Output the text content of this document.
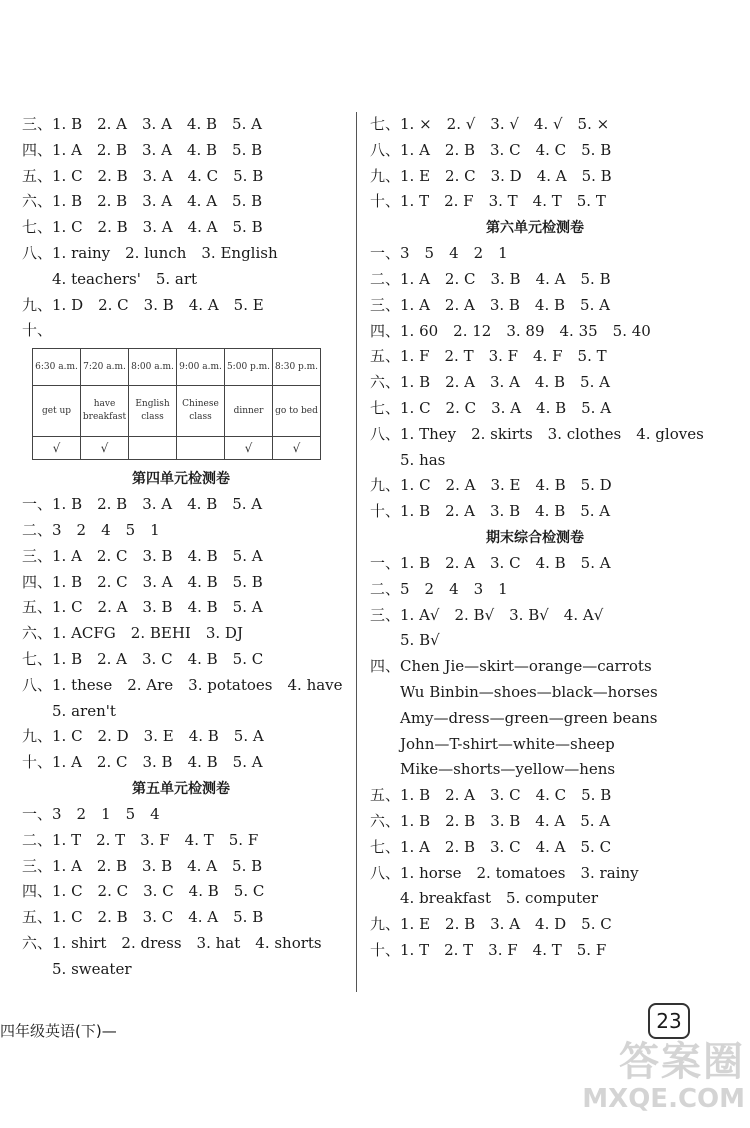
三、1. B　2. A　3. A　4. B　5. A
四、1. A　2. B　3. A　4. B　5. B
五、1. C　2. B　3. A　4. C　5. B
六、1. B　2. B　3. A　4. A　5. B
七、1. C　2. B　3. A　4. A　5. B
八、1. rainy　2. lunch　3. English
4. teachers'　5. art
九、1. D　2. C　3. B　4. A　5. E
十、
6:30 a.m.	7:20 a.m.	8:00 a.m.	9:00 a.m.	5:00 p.m.	8:30 p.m.
get up	have breakfast	English class	Chinese class	dinner	go to bed
√	√			√	√
第四单元检测卷
一、1. B　2. B　3. A　4. B　5. A
二、3　2　4　5　1
三、1. A　2. C　3. B　4. B　5. A
四、1. B　2. C　3. A　4. B　5. B
五、1. C　2. A　3. B　4. B　5. A
六、1. ACFG　2. BEHI　3. DJ
七、1. B　2. A　3. C　4. B　5. C
八、1. these　2. Are　3. potatoes　4. have
5. aren't
九、1. C　2. D　3. E　4. B　5. A
十、1. A　2. C　3. B　4. B　5. A
第五单元检测卷
一、3　2　1　5　4
二、1. T　2. T　3. F　4. T　5. F
三、1. A　2. B　3. B　4. A　5. B
四、1. C　2. C　3. C　4. B　5. C
五、1. C　2. B　3. C　4. A　5. B
六、1. shirt　2. dress　3. hat　4. shorts
5. sweater
七、1. ×　2. √　3. √　4. √　5. ×
八、1. A　2. B　3. C　4. C　5. B
九、1. E　2. C　3. D　4. A　5. B
十、1. T　2. F　3. T　4. T　5. T
第六单元检测卷
一、3　5　4　2　1
二、1. A　2. C　3. B　4. A　5. B
三、1. A　2. A　3. B　4. B　5. A
四、1. 60　2. 12　3. 89　4. 35　5. 40
五、1. F　2. T　3. F　4. F　5. T
六、1. B　2. A　3. A　4. B　5. A
七、1. C　2. C　3. A　4. B　5. A
八、1. They　2. skirts　3. clothes　4. gloves
5. has
九、1. C　2. A　3. E　4. B　5. D
十、1. B　2. A　3. B　4. B　5. A
期末综合检测卷
一、1. B　2. A　3. C　4. B　5. A
二、5　2　4　3　1
三、1. A√　2. B√　3. B√　4. A√
5. B√
四、Chen Jie—skirt—orange—carrots
Wu Binbin—shoes—black—horses
Amy—dress—green—green beans
John—T-shirt—white—sheep
Mike—shorts—yellow—hens
五、1. B　2. A　3. C　4. C　5. B
六、1. B　2. B　3. B　4. A　5. A
七、1. A　2. B　3. C　4. A　5. C
八、1. horse　2. tomatoes　3. rainy
4. breakfast　5. computer
九、1. E　2. B　3. A　4. D　5. C
十、1. T　2. T　3. F　4. T　5. F
四年级英语(下)—	23
答案圈
MXQE.COM
